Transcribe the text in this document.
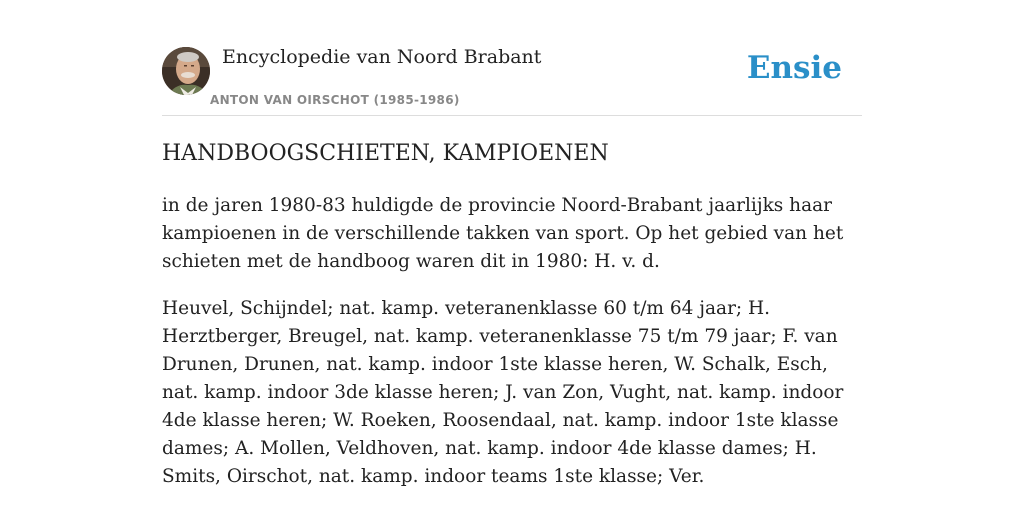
Encyclopedie van Noord Brabant
ANTON VAN OIRSCHOT (1985-1986)
Ensie
HANDBOOGSCHIETEN, KAMPIOENEN

in de jaren 1980-83 huldigde de provincie Noord-Brabant jaarlijks haar kampioenen in de verschillende takken van sport. Op het gebied van het schieten met de handboog waren dit in 1980: H. v. d.

Heuvel, Schijndel; nat. kamp. veteranenklasse 60 t/m 64 jaar; H. Herztberger, Breugel, nat. kamp. veteranenklasse 75 t/m 79 jaar; F. van Drunen, Drunen, nat. kamp. indoor 1ste klasse heren, W. Schalk, Esch, nat. kamp. indoor 3de klasse heren; J. van Zon, Vught, nat. kamp. indoor 4de klasse heren; W. Roeken, Roosendaal, nat. kamp. indoor 1ste klasse dames; A. Mollen, Veldhoven, nat. kamp. indoor 4de klasse dames; H. Smits, Oirschot, nat. kamp. indoor teams 1ste klasse; Ver.
